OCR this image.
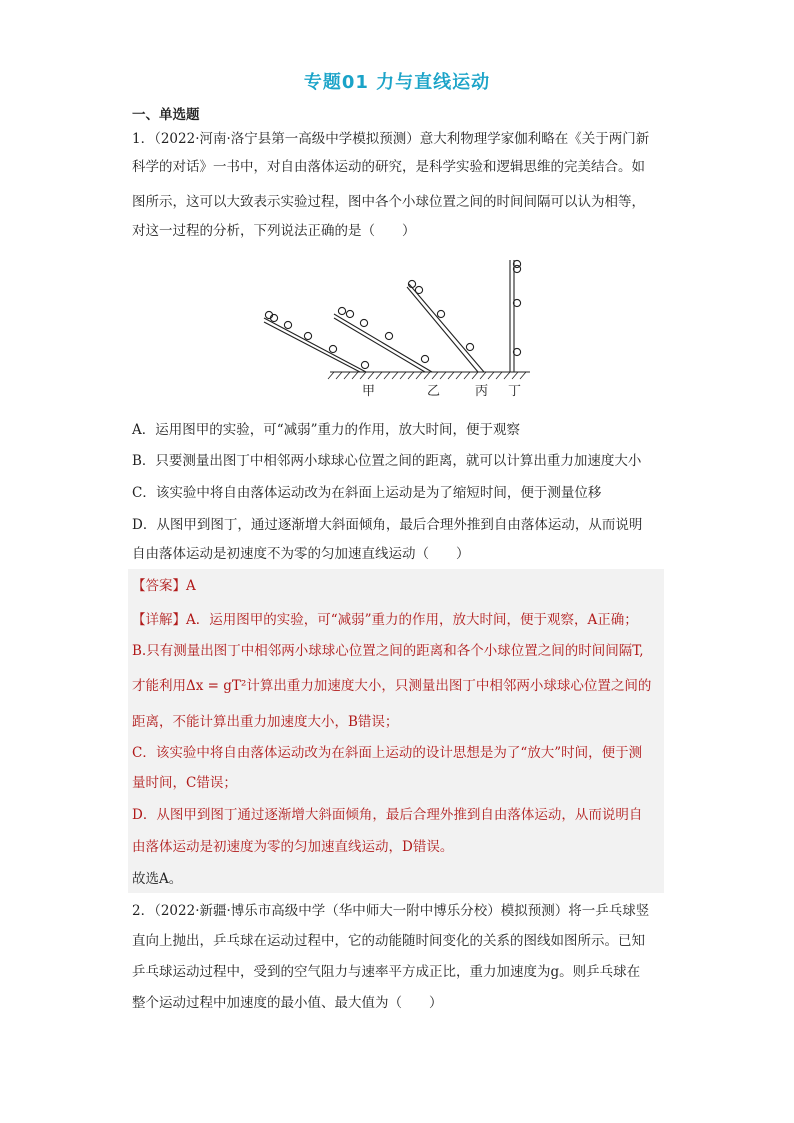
专题01 力与直线运动
一、单选题
1．（2022·河南·洛宁县第一高级中学模拟预测）意大利物理学家伽利略在《关于两门新
科学的对话》一书中，对自由落体运动的研究，是科学实验和逻辑思维的完美结合。如
图所示，这可以大致表示实验过程，图中各个小球位置之间的时间间隔可以认为相等，
对这一过程的分析，下列说法正确的是（　　）
甲	乙	丙 丁
A．运用图甲的实验，可“减弱”重力的作用，放大时间，便于观察
B．只要测量出图丁中相邻两小球球心位置之间的距离，就可以计算出重力加速度大小
C．该实验中将自由落体运动改为在斜面上运动是为了缩短时间，便于测量位移
D．从图甲到图丁，通过逐渐增大斜面倾角，最后合理外推到自由落体运动，从而说明
自由落体运动是初速度不为零的匀加速直线运动（　　）
【答案】A
【详解】A．运用图甲的实验，可“减弱”重力的作用，放大时间，便于观察，A正确；
B.只有测量出图丁中相邻两小球球心位置之间的距离和各个小球位置之间的时间间隔T,
才能利用Δx = gT²计算出重力加速度大小，只测量出图丁中相邻两小球球心位置之间的
距离，不能计算出重力加速度大小，B错误；
C．该实验中将自由落体运动改为在斜面上运动的设计思想是为了“放大”时间，便于测
量时间，C错误；
D．从图甲到图丁通过逐渐增大斜面倾角，最后合理外推到自由落体运动，从而说明自
由落体运动是初速度为零的匀加速直线运动，D错误。
故选A。
2．（2022·新疆·博乐市高级中学（华中师大一附中博乐分校）模拟预测）将一乒乓球竖
直向上抛出，乒乓球在运动过程中，它的动能随时间变化的关系的图线如图所示。已知
乒乓球运动过程中，受到的空气阻力与速率平方成正比，重力加速度为g。则乒乓球在
整个运动过程中加速度的最小值、最大值为（　　）
